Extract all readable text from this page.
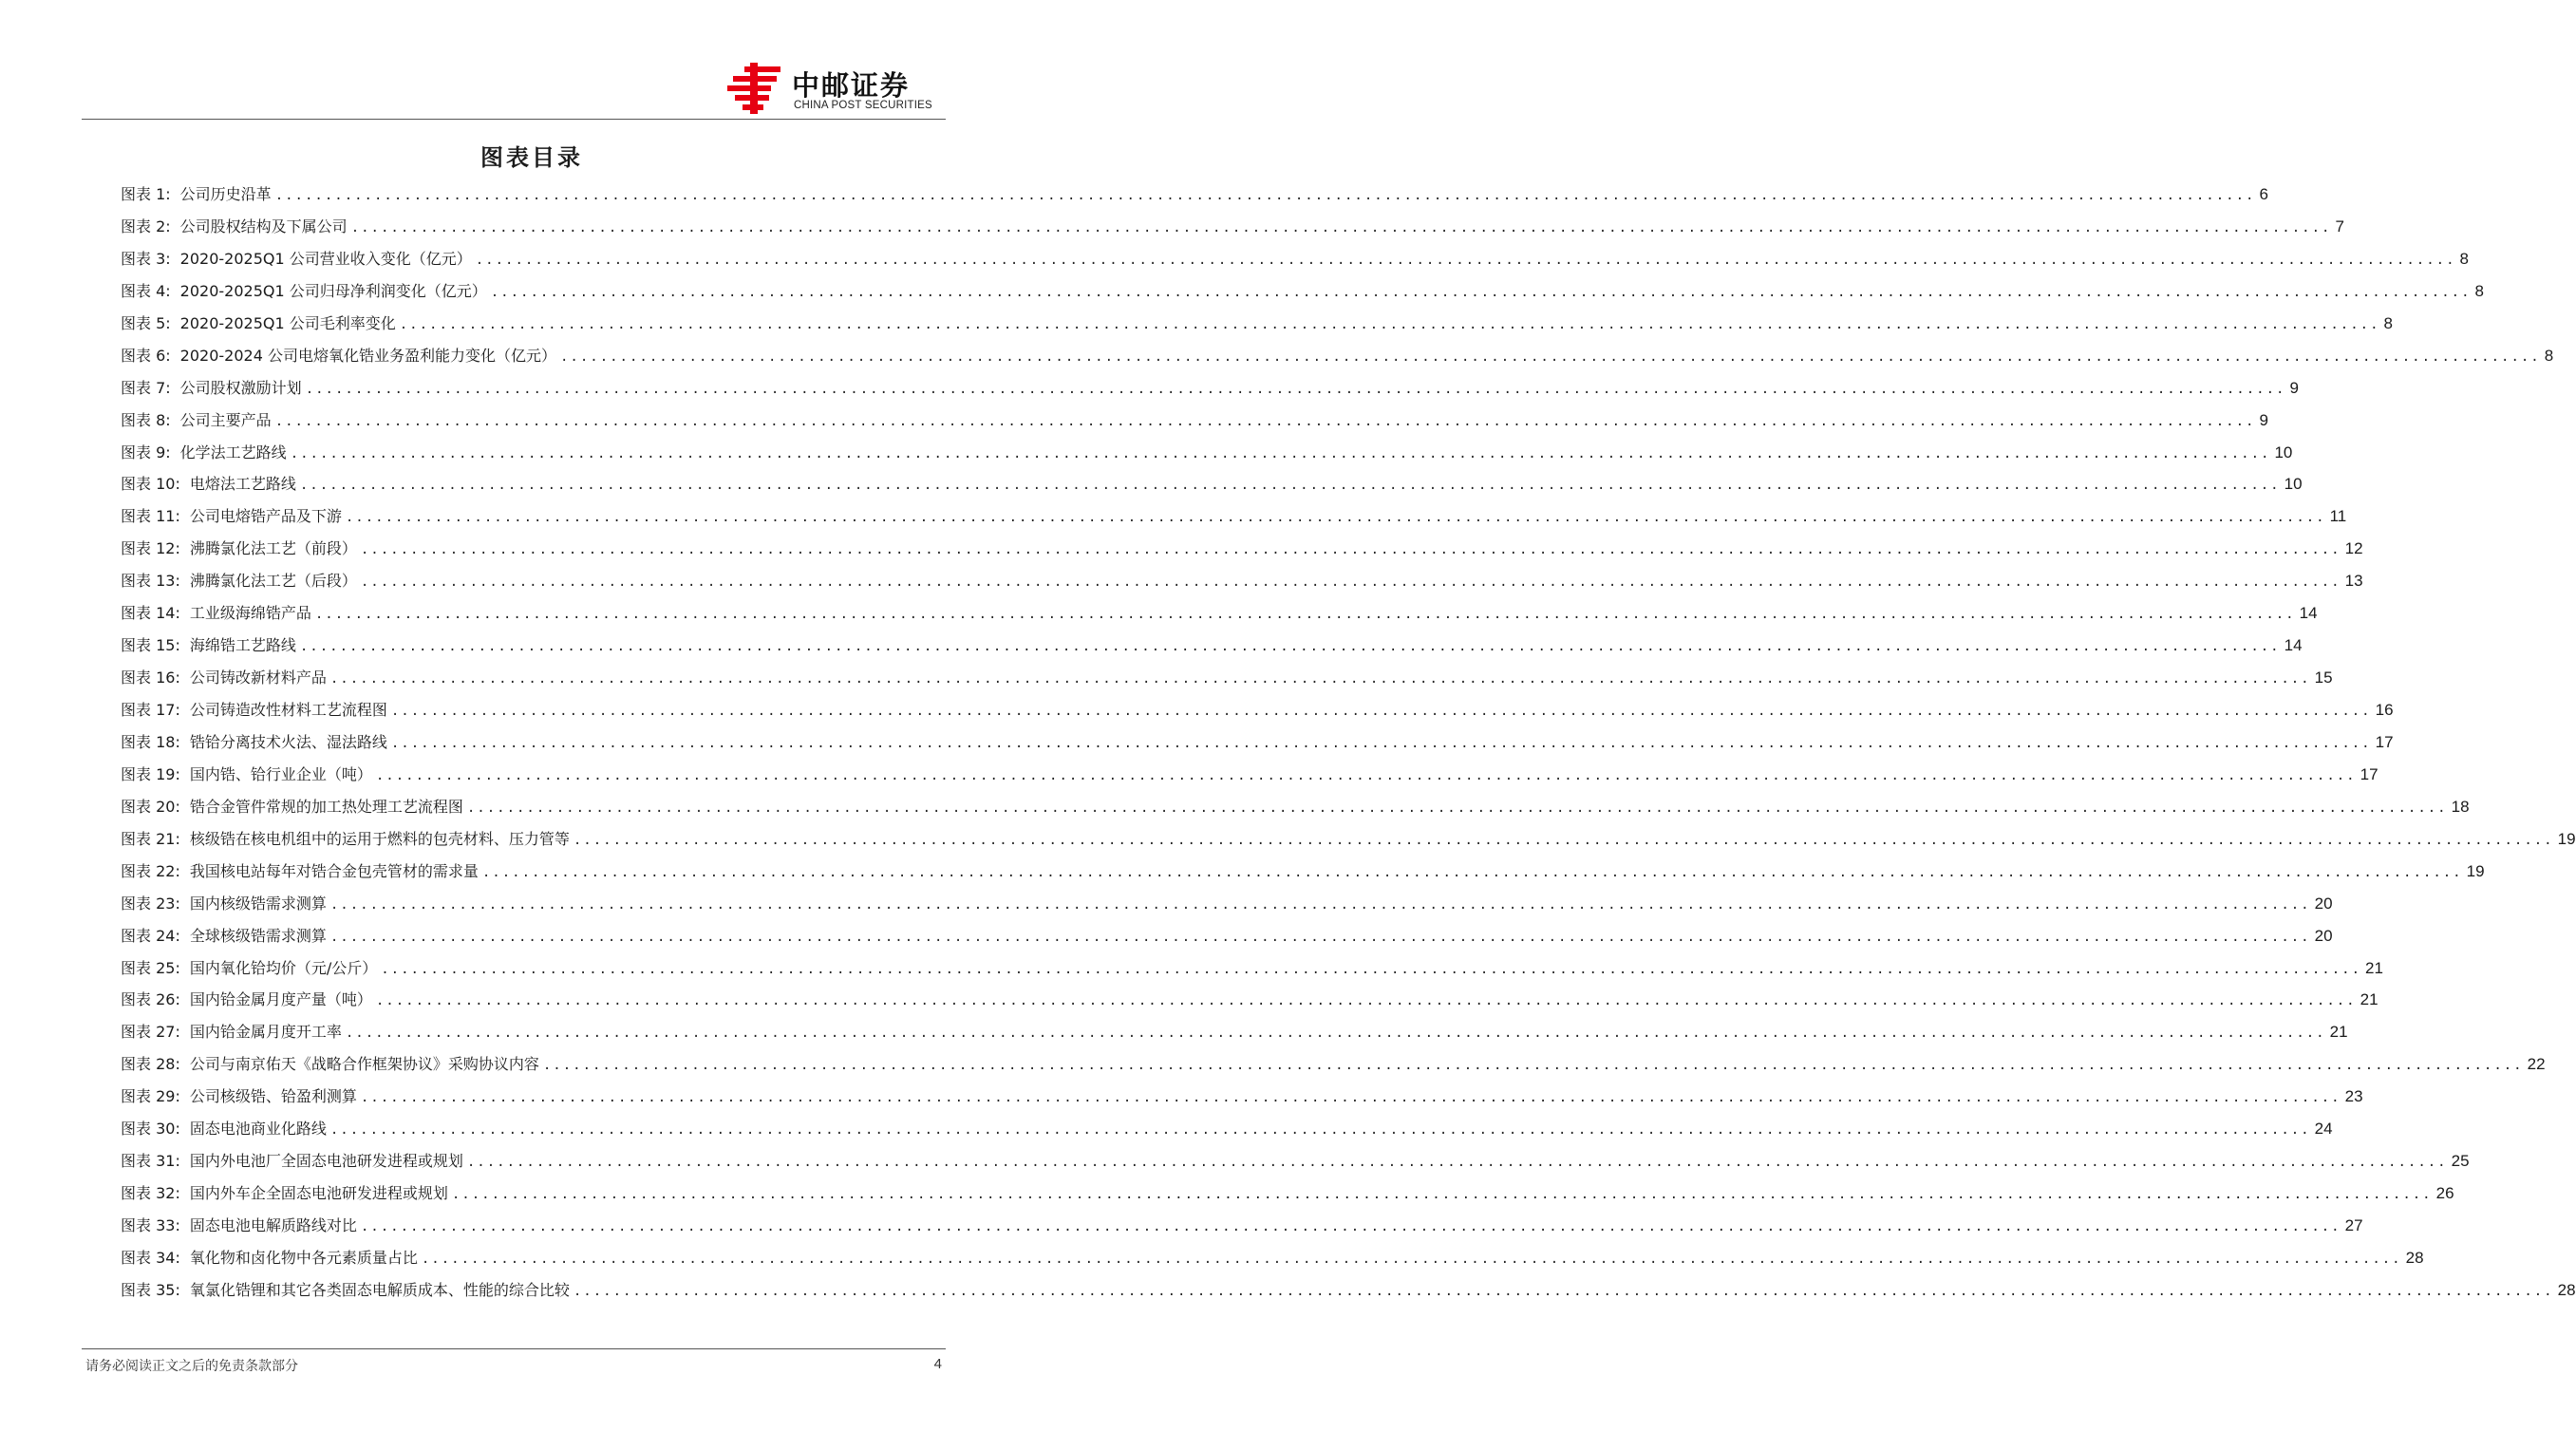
中邮证券
CHINA POST SECURITIES
图表目录
图表 1: 公司历史沿革 ........................................................................................................................................................................................................ 6
图表 2: 公司股权结构及下属公司 ........................................................................................................................................................................................................ 7
图表 3: 2020-2025Q1 公司营业收入变化（亿元） ........................................................................................................................................................................................................ 8
图表 4: 2020-2025Q1 公司归母净利润变化（亿元） ........................................................................................................................................................................................................ 8
图表 5: 2020-2025Q1 公司毛利率变化 ........................................................................................................................................................................................................ 8
图表 6: 2020-2024 公司电熔氧化锆业务盈利能力变化（亿元） ........................................................................................................................................................................................................ 8
图表 7: 公司股权激励计划 ........................................................................................................................................................................................................ 9
图表 8: 公司主要产品 ........................................................................................................................................................................................................ 9
图表 9: 化学法工艺路线 ........................................................................................................................................................................................................ 10
图表 10: 电熔法工艺路线 ........................................................................................................................................................................................................ 10
图表 11: 公司电熔锆产品及下游 ........................................................................................................................................................................................................ 11
图表 12: 沸腾氯化法工艺（前段） ........................................................................................................................................................................................................ 12
图表 13: 沸腾氯化法工艺（后段） ........................................................................................................................................................................................................ 13
图表 14: 工业级海绵锆产品 ........................................................................................................................................................................................................ 14
图表 15: 海绵锆工艺路线 ........................................................................................................................................................................................................ 14
图表 16: 公司铸改新材料产品 ........................................................................................................................................................................................................ 15
图表 17: 公司铸造改性材料工艺流程图 ........................................................................................................................................................................................................ 16
图表 18: 锆铪分离技术火法、湿法路线 ........................................................................................................................................................................................................ 17
图表 19: 国内锆、铪行业企业（吨） ........................................................................................................................................................................................................ 17
图表 20: 锆合金管件常规的加工热处理工艺流程图 ........................................................................................................................................................................................................ 18
图表 21: 核级锆在核电机组中的运用于燃料的包壳材料、压力管等 ........................................................................................................................................................................................................ 19
图表 22: 我国核电站每年对锆合金包壳管材的需求量 ........................................................................................................................................................................................................ 19
图表 23: 国内核级锆需求测算 ........................................................................................................................................................................................................ 20
图表 24: 全球核级锆需求测算 ........................................................................................................................................................................................................ 20
图表 25: 国内氧化铪均价（元/公斤） ........................................................................................................................................................................................................ 21
图表 26: 国内铪金属月度产量（吨） ........................................................................................................................................................................................................ 21
图表 27: 国内铪金属月度开工率 ........................................................................................................................................................................................................ 21
图表 28: 公司与南京佑天《战略合作框架协议》采购协议内容 ........................................................................................................................................................................................................ 22
图表 29: 公司核级锆、铪盈利测算 ........................................................................................................................................................................................................ 23
图表 30: 固态电池商业化路线 ........................................................................................................................................................................................................ 24
图表 31: 国内外电池厂全固态电池研发进程或规划 ........................................................................................................................................................................................................ 25
图表 32: 国内外车企全固态电池研发进程或规划 ........................................................................................................................................................................................................ 26
图表 33: 固态电池电解质路线对比 ........................................................................................................................................................................................................ 27
图表 34: 氧化物和卤化物中各元素质量占比 ........................................................................................................................................................................................................ 28
图表 35: 氧氯化锆锂和其它各类固态电解质成本、性能的综合比较 ........................................................................................................................................................................................................ 28
请务必阅读正文之后的免责条款部分	4
